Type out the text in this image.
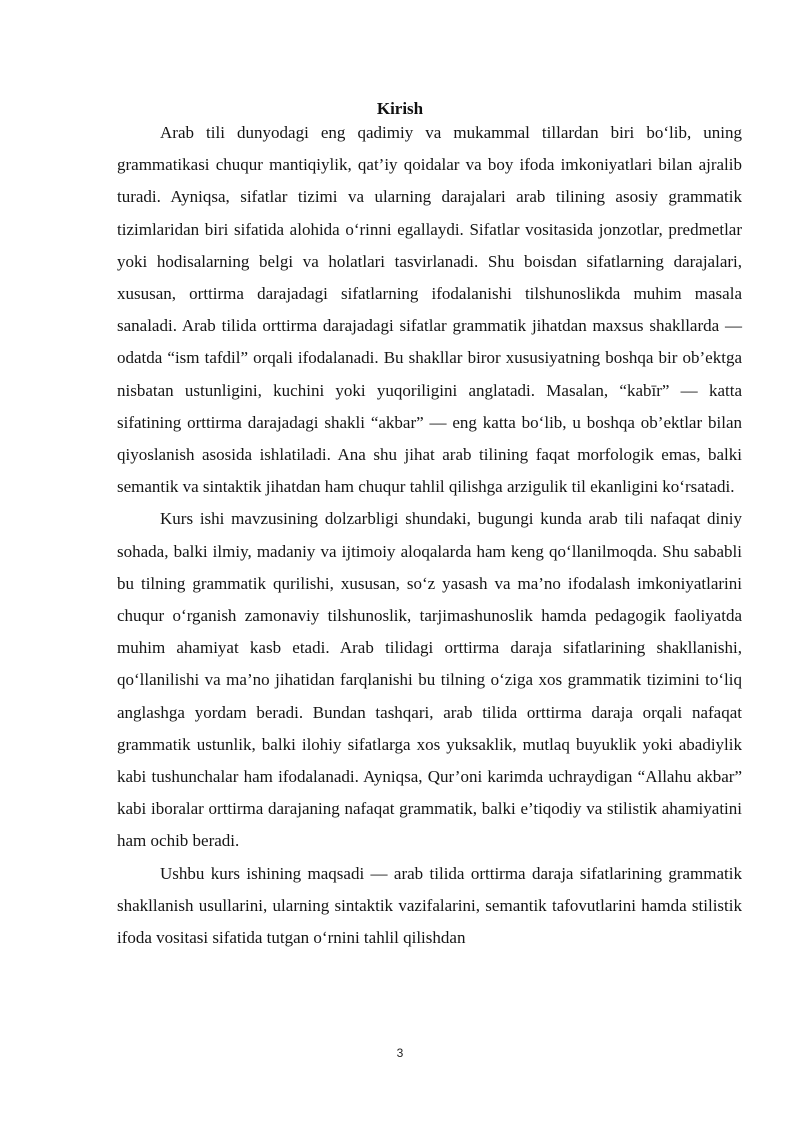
Kirish

Arab tili dunyodagi eng qadimiy va mukammal tillardan biri bo‘lib, uning grammatikasi chuqur mantiqiylik, qat’iy qoidalar va boy ifoda imkoniyatlari bilan ajralib turadi. Ayniqsa, sifatlar tizimi va ularning darajalari arab tilining asosiy grammatik tizimlaridan biri sifatida alohida o‘rinni egallaydi. Sifatlar vositasida jonzotlar, predmetlar yoki hodisalarning belgi va holatlari tasvirlanadi. Shu boisdan sifatlarning darajalari, xususan, orttirma darajadagi sifatlarning ifodalanishi tilshunoslikda muhim masala sanaladi. Arab tilida orttirma darajadagi sifatlar grammatik jihatdan maxsus shakllarda — odatda “ism tafdil” orqali ifodalanadi. Bu shakllar biror xususiyatning boshqa bir ob’ektga nisbatan ustunligini, kuchini yoki yuqoriligini anglatadi. Masalan, “kabīr” — katta sifatining orttirma darajadagi shakli “akbar” — eng katta bo‘lib, u boshqa ob’ektlar bilan qiyoslanish asosida ishlatiladi. Ana shu jihat arab tilining faqat morfologik emas, balki semantik va sintaktik jihatdan ham chuqur tahlil qilishga arzigulik til ekanligini ko‘rsatadi.

Kurs ishi mavzusining dolzarbligi shundaki, bugungi kunda arab tili nafaqat diniy sohada, balki ilmiy, madaniy va ijtimoiy aloqalarda ham keng qo‘llanilmoqda. Shu sababli bu tilning grammatik qurilishi, xususan, so‘z yasash va ma’no ifodalash imkoniyatlarini chuqur o‘rganish zamonaviy tilshunoslik, tarjimashunoslik hamda pedagogik faoliyatda muhim ahamiyat kasb etadi. Arab tilidagi orttirma daraja sifatlarining shakllanishi, qo‘llanilishi va ma’no jihatidan farqlanishi bu tilning o‘ziga xos grammatik tizimini to‘liq anglashga yordam beradi. Bundan tashqari, arab tilida orttirma daraja orqali nafaqat grammatik ustunlik, balki ilohiy sifatlarga xos yuksaklik, mutlaq buyuklik yoki abadiylik kabi tushunchalar ham ifodalanadi. Ayniqsa, Qur’oni karimda uchraydigan “Allahu akbar” kabi iboralar orttirma darajaning nafaqat grammatik, balki e’tiqodiy va stilistik ahamiyatini ham ochib beradi.

Ushbu kurs ishining maqsadi — arab tilida orttirma daraja sifatlarining grammatik shakllanish usullarini, ularning sintaktik vazifalarini, semantik tafovutlarini hamda stilistik ifoda vositasi sifatida tutgan o‘rnini tahlil qilishdan

3
